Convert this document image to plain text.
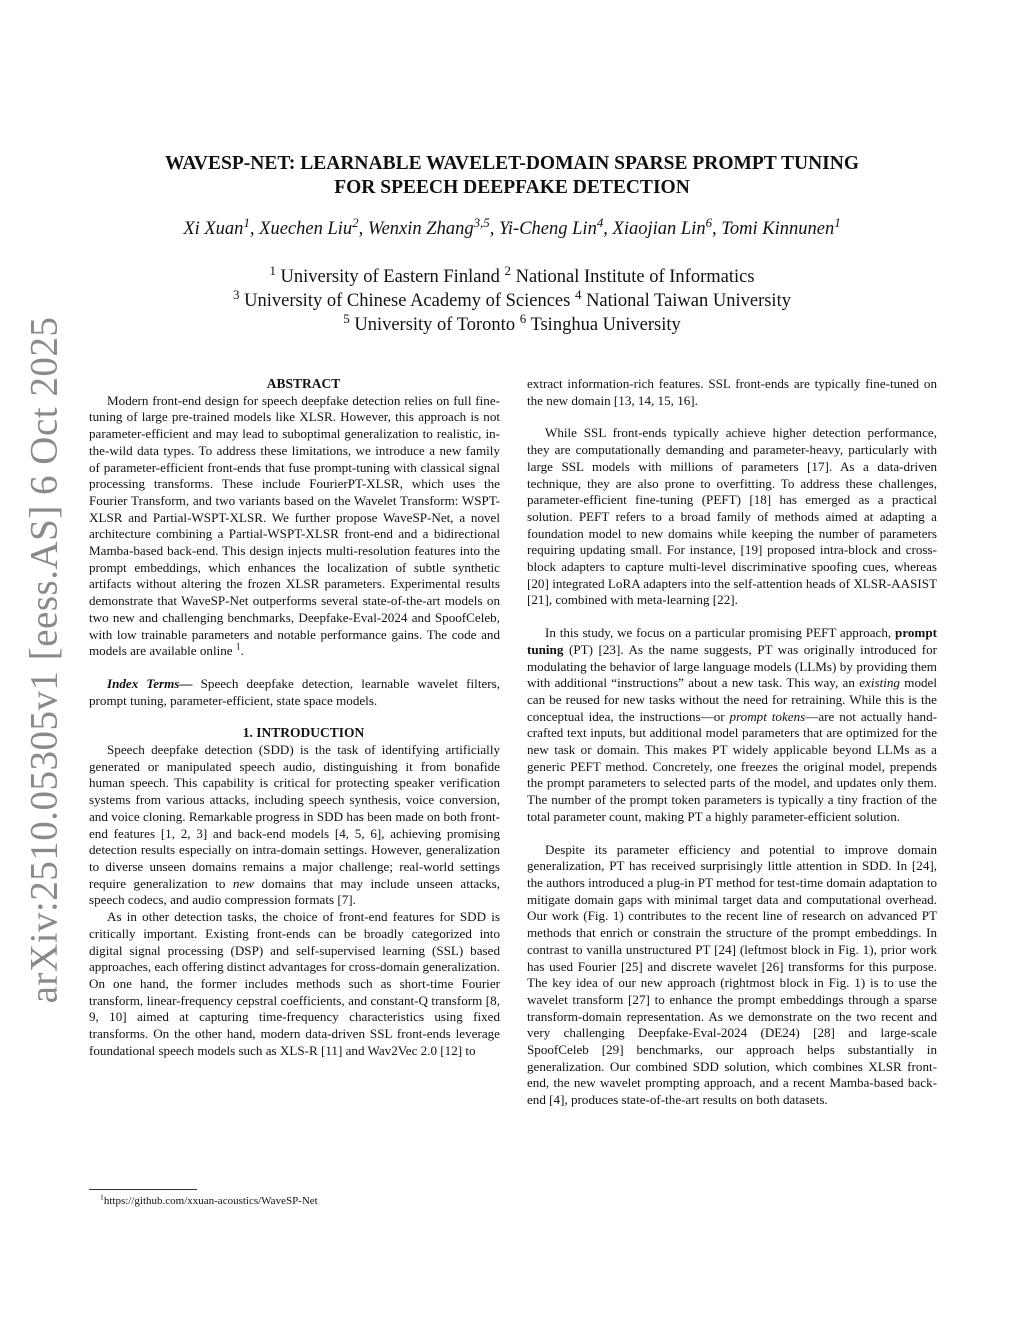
arXiv:2510.05305v1 [eess.AS] 6 Oct 2025
WAVESP-NET: LEARNABLE WAVELET-DOMAIN SPARSE PROMPT TUNING
FOR SPEECH DEEPFAKE DETECTION
Xi Xuan$^1$, Xuechen Liu$^2$, Wenxin Zhang$^{3,5}$, Yi-Cheng Lin$^4$, Xiaojian Lin$^6$, Tomi Kinnunen$^1$
$^1$ University of Eastern Finland $^2$ National Institute of Informatics
$^3$ University of Chinese Academy of Sciences $^4$ National Taiwan University
$^5$ University of Toronto $^6$ Tsinghua University

ABSTRACT

Modern front-end design for speech deepfake detection relies on full fine-tuning of large pre-trained models like XLSR. However, this approach is not parameter-efficient and may lead to suboptimal generalization to realistic, in-the-wild data types. To address these limitations, we introduce a new family of parameter-efficient front-ends that fuse prompt-tuning with classical signal processing transforms. These include FourierPT-XLSR, which uses the Fourier Transform, and two variants based on the Wavelet Transform: WSPT-XLSR and Partial-WSPT-XLSR. We further propose WaveSP-Net, a novel architecture combining a Partial-WSPT-XLSR front-end and a bidirectional Mamba-based back-end. This design injects multi-resolution features into the prompt embeddings, which enhances the localization of subtle synthetic artifacts without altering the frozen XLSR parameters. Experimental results demonstrate that WaveSP-Net outperforms several state-of-the-art models on two new and challenging benchmarks, Deepfake-Eval-2024 and SpoofCeleb, with low trainable parameters and notable performance gains. The code and models are available online $^1$.

Index Terms— Speech deepfake detection, learnable wavelet filters, prompt tuning, parameter-efficient, state space models.

1. INTRODUCTION

Speech deepfake detection (SDD) is the task of identifying artificially generated or manipulated speech audio, distinguishing it from bonafide human speech. This capability is critical for protecting speaker verification systems from various attacks, including speech synthesis, voice conversion, and voice cloning. Remarkable progress in SDD has been made on both front-end features [1, 2, 3] and back-end models [4, 5, 6], achieving promising detection results especially on intra-domain settings. However, generalization to diverse unseen domains remains a major challenge; real-world settings require generalization to new domains that may include unseen attacks, speech codecs, and audio compression formats [7].

As in other detection tasks, the choice of front-end features for SDD is critically important. Existing front-ends can be broadly categorized into digital signal processing (DSP) and self-supervised learning (SSL) based approaches, each offering distinct advantages for cross-domain generalization. On one hand, the former includes methods such as short-time Fourier transform, linear-frequency cepstral coefficients, and constant-Q transform [8, 9, 10] aimed at capturing time-frequency characteristics using fixed transforms. On the other hand, modern data-driven SSL front-ends leverage foundational speech models such as XLS-R [11] and Wav2Vec 2.0 [12] to

$^1$https://github.com/xxuan-acoustics/WaveSP-Net

extract information-rich features. SSL front-ends are typically fine-tuned on the new domain [13, 14, 15, 16].

While SSL front-ends typically achieve higher detection performance, they are computationally demanding and parameter-heavy, particularly with large SSL models with millions of parameters [17]. As a data-driven technique, they are also prone to overfitting. To address these challenges, parameter-efficient fine-tuning (PEFT) [18] has emerged as a practical solution. PEFT refers to a broad family of methods aimed at adapting a foundation model to new domains while keeping the number of parameters requiring updating small. For instance, [19] proposed intra-block and cross-block adapters to capture multi-level discriminative spoofing cues, whereas [20] integrated LoRA adapters into the self-attention heads of XLSR-AASIST [21], combined with meta-learning [22].

In this study, we focus on a particular promising PEFT approach, prompt tuning (PT) [23]. As the name suggests, PT was originally introduced for modulating the behavior of large language models (LLMs) by providing them with additional “instructions” about a new task. This way, an existing model can be reused for new tasks without the need for retraining. While this is the conceptual idea, the instructions—or prompt tokens—are not actually hand-crafted text inputs, but additional model parameters that are optimized for the new task or domain. This makes PT widely applicable beyond LLMs as a generic PEFT method. Concretely, one freezes the original model, prepends the prompt parameters to selected parts of the model, and updates only them. The number of the prompt token parameters is typically a tiny fraction of the total parameter count, making PT a highly parameter-efficient solution.

Despite its parameter efficiency and potential to improve domain generalization, PT has received surprisingly little attention in SDD. In [24], the authors introduced a plug-in PT method for test-time domain adaptation to mitigate domain gaps with minimal target data and computational overhead. Our work (Fig. 1) contributes to the recent line of research on advanced PT methods that enrich or constrain the structure of the prompt embeddings. In contrast to vanilla unstructured PT [24] (leftmost block in Fig. 1), prior work has used Fourier [25] and discrete wavelet [26] transforms for this purpose. The key idea of our new approach (rightmost block in Fig. 1) is to use the wavelet transform [27] to enhance the prompt embeddings through a sparse transform-domain representation. As we demonstrate on the two recent and very challenging Deepfake-Eval-2024 (DE24) [28] and large-scale SpoofCeleb [29] benchmarks, our approach helps substantially in generalization. Our combined SDD solution, which combines XLSR front-end, the new wavelet prompting approach, and a recent Mamba-based back-end [4], produces state-of-the-art results on both datasets.
